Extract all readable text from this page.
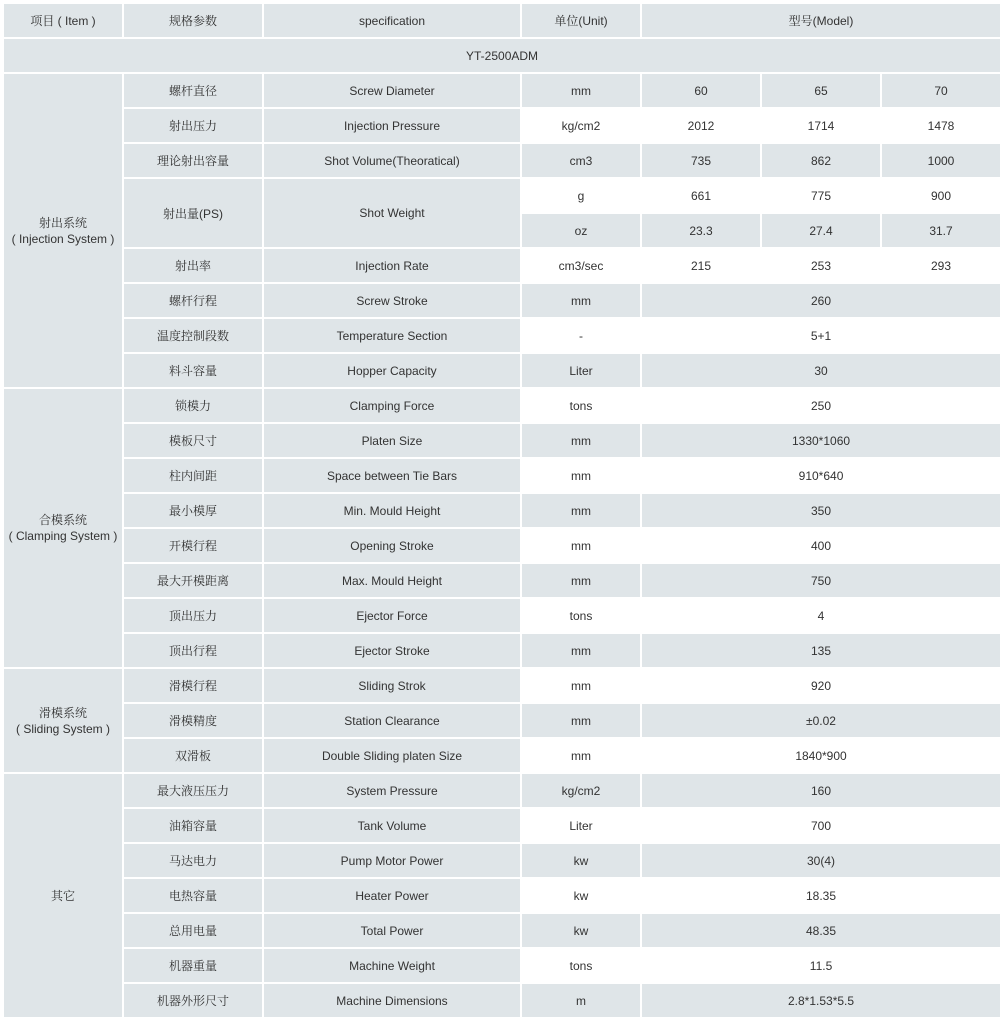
项目 ( Item )	规格参数	specification	单位(Unit)	型号(Model)		
YT-2500ADM						

射出系统
( Injection System )	螺杆直径	Screw Diameter	mm	60	65	70
	射出压力	Injection Pressure	kg/cm2	2012	1714	1478
	理论射出容量	Shot Volume(Theoratical)	cm3	735	862	1000
	射出量(PS)	Shot Weight	g	661	775	900
			oz	23.3	27.4	31.7
	射出率	Injection Rate	cm3/sec	215	253	293
	螺杆行程	Screw Stroke	mm	260		
	温度控制段数	Temperature Section	-	5+1		
	料斗容量	Hopper Capacity	Liter	30		

合模系统
( Clamping System )	锁模力	Clamping Force	tons	250		
	模板尺寸	Platen Size	mm	1330*1060		
	柱内间距	Space between Tie Bars	mm	910*640		
	最小模厚	Min. Mould Height	mm	350		
	开模行程	Opening Stroke	mm	400		
	最大开模距离	Max. Mould Height	mm	750		
	顶出压力	Ejector Force	tons	4		
	顶出行程	Ejector Stroke	mm	135		

滑模系统
( Sliding System )	滑模行程	Sliding Strok	mm	920		
	滑模精度	Station Clearance	mm	±0.02		
	双滑板	Double Sliding platen Size	mm	1840*900		

其它	最大液压压力	System Pressure	kg/cm2	160		
	油箱容量	Tank Volume	Liter	700		
	马达电力	Pump Motor Power	kw	30(4)		
	电热容量	Heater Power	kw	18.35		
	总用电量	Total Power	kw	48.35		
	机器重量	Machine Weight	tons	11.5		
	机器外形尺寸	Machine Dimensions	m	2.8*1.53*5.5		
